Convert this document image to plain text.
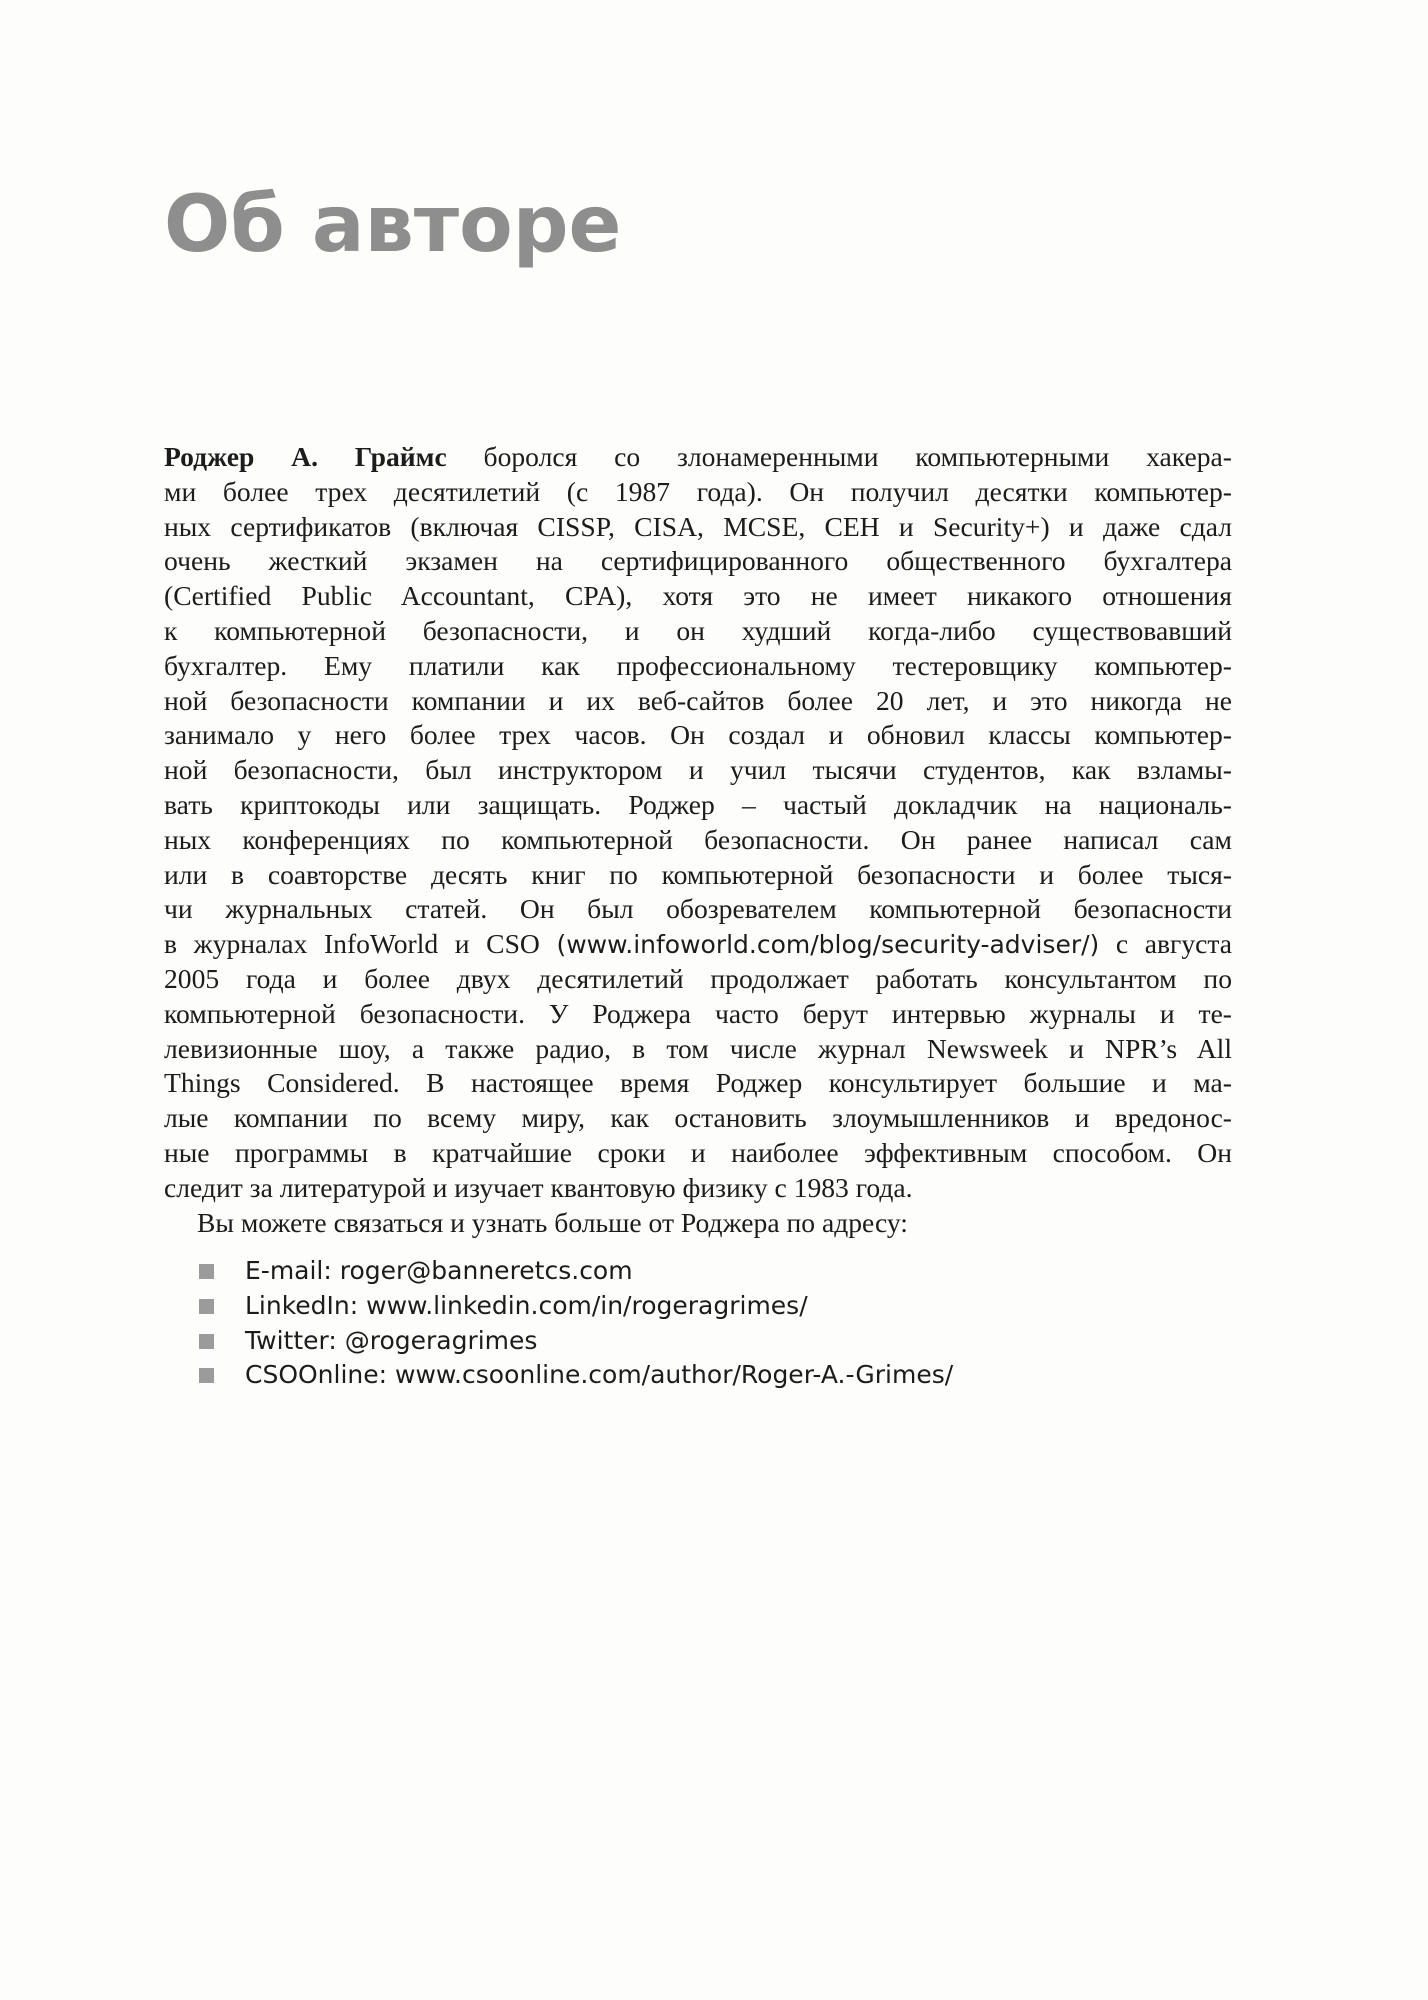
Об авторе
Роджер А. Граймс боролся со злонамеренными компьютерными хакера-
ми более трех десятилетий (с 1987 года). Он получил десятки компьютер-
ных сертификатов (включая CISSP, CISA, MCSE, CEH и Security+) и даже сдал
очень жесткий экзамен на сертифицированного общественного бухгалтера
(Certified Public Accountant, CPA), хотя это не имеет никакого отношения
к компьютерной безопасности, и он худший когда-либо существовавший
бухгалтер. Ему платили как профессиональному тестеровщику компьютер-
ной безопасности компании и их веб-сайтов более 20 лет, и это никогда не
занимало у него более трех часов. Он создал и обновил классы компьютер-
ной безопасности, был инструктором и учил тысячи студентов, как взламы-
вать криптокоды или защищать. Роджер – частый докладчик на националь-
ных конференциях по компьютерной безопасности. Он ранее написал сам
или в соавторстве десять книг по компьютерной безопасности и более тыся-
чи журнальных статей. Он был обозревателем компьютерной безопасности
в журналах InfoWorld и CSO (www.infoworld.com/blog/security-adviser/) с августа
2005 года и более двух десятилетий продолжает работать консультантом по
компьютерной безопасности. У Роджера часто берут интервью журналы и те-
левизионные шоу, а также радио, в том числе журнал Newsweek и NPR’s All
Things Considered. В настоящее время Роджер консультирует большие и ма-
лые компании по всему миру, как остановить злоумышленников и вредонос-
ные программы в кратчайшие сроки и наиболее эффективным способом. Он
следит за литературой и изучает квантовую физику с 1983 года.
Вы можете связаться и узнать больше от Роджера по адресу:
E-mail: roger@banneretcs.com
LinkedIn: www.linkedin.com/in/rogeragrimes/
Twitter: @rogeragrimes
CSOOnline: www.csoonline.com/author/Roger-A.-Grimes/
